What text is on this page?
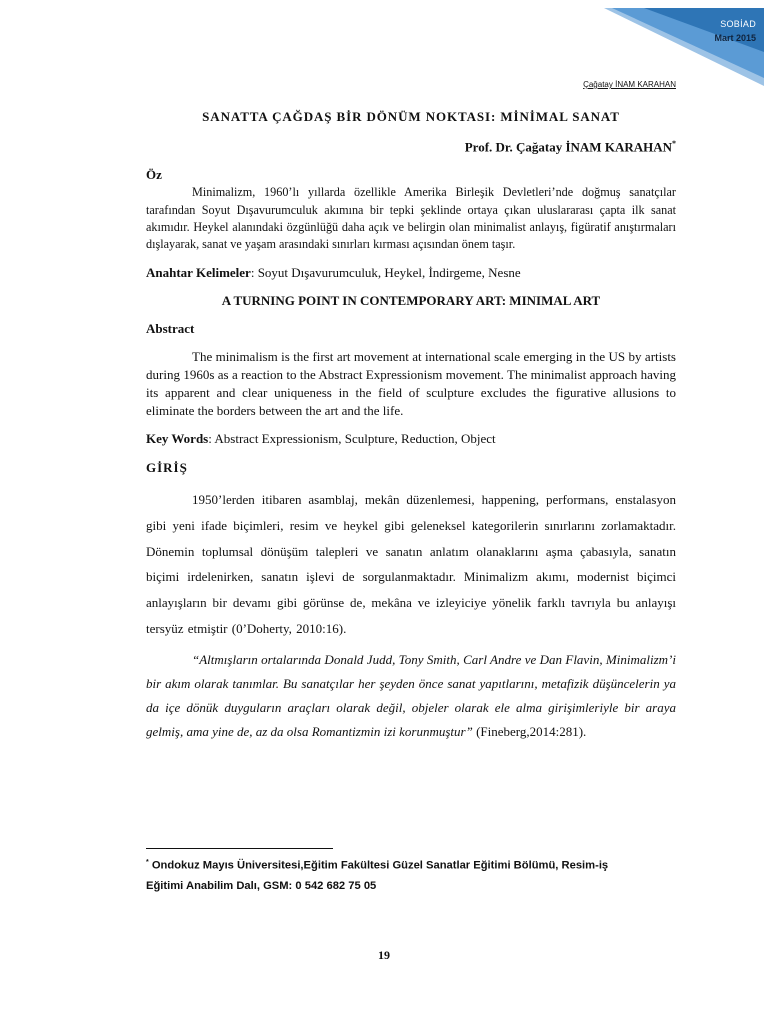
SOBİAD
Mart 2015
Çağatay İNAM KARAHAN

SANATTA ÇAĞDAŞ BİR DÖNÜM NOKTASI: MİNİMAL SANAT

Prof. Dr. Çağatay İNAM KARAHAN*
Öz

Minimalizm, 1960’lı yıllarda özellikle Amerika Birleşik Devletleri’nde doğmuş sanatçılar tarafından Soyut Dışavurumculuk akımına bir tepki şeklinde ortaya çıkan uluslararası çapta ilk sanat akımıdır. Heykel alanındaki özgünlüğü daha açık ve belirgin olan minimalist anlayış, figüratif anıştırmaları dışlayarak, sanat ve yaşam arasındaki sınırları kırması açısından önem taşır.

Anahtar Kelimeler: Soyut Dışavurumculuk, Heykel, İndirgeme, Nesne
A TURNING POINT IN CONTEMPORARY ART: MINIMAL ART
Abstract

The minimalism is the first art movement at international scale emerging in the US by artists during 1960s as a reaction to the Abstract Expressionism movement. The minimalist approach having its apparent and clear uniqueness in the field of sculpture excludes the figurative allusions to eliminate the borders between the art and the life.

Key Words: Abstract Expressionism, Sculpture, Reduction, Object
GİRİŞ

1950’lerden itibaren asamblaj, mekân düzenlemesi, happening, performans, enstalasyon gibi yeni ifade biçimleri, resim ve heykel gibi geleneksel kategorilerin sınırlarını zorlamaktadır. Dönemin toplumsal dönüşüm talepleri ve sanatın anlatım olanaklarını aşma çabasıyla, sanatın biçimi irdelenirken, sanatın işlevi de sorgulanmaktadır. Minimalizm akımı, modernist biçimci anlayışların bir devamı gibi görünse de, mekâna ve izleyiciye yönelik farklı tavrıyla bu anlayışı tersyüz etmiştir (0’Doherty, 2010:16).

“Altmışların ortalarında Donald Judd, Tony Smith, Carl Andre ve Dan Flavin, Minimalizm’i bir akım olarak tanımlar. Bu sanatçılar her şeyden önce sanat yapıtlarını, metafizik düşüncelerin ya da içe dönük duyguların araçları olarak değil, objeler olarak ele alma girişimleriyle bir araya gelmiş, ama yine de, az da olsa Romantizmin izi korunmuştur” (Fineberg,2014:281).

* Ondokuz Mayıs Üniversitesi,Eğitim Fakültesi Güzel Sanatlar Eğitimi Bölümü, Resim-iş
Eğitimi Anabilim Dalı, GSM: 0 542 682 75 05
19
